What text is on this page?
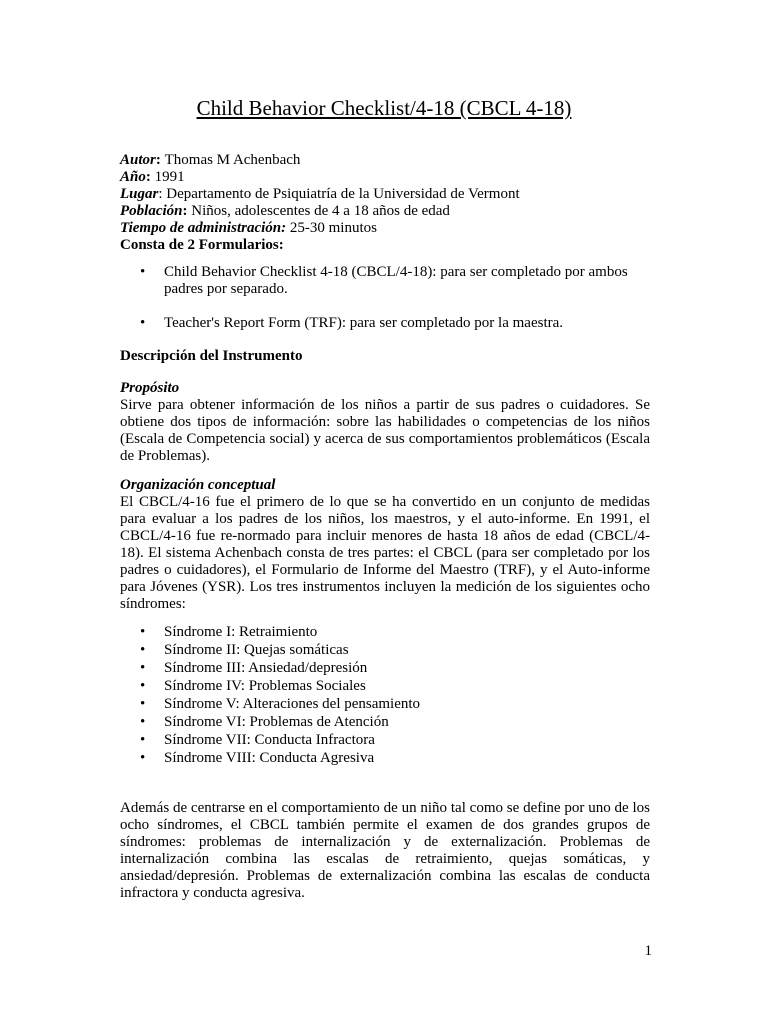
Child Behavior Checklist/4-18 (CBCL 4-18)
Autor: Thomas M Achenbach
Año: 1991
Lugar: Departamento de Psiquiatría de la Universidad de Vermont
Población: Niños, adolescentes de 4 a 18 años de edad
Tiempo de administración: 25-30 minutos
Consta de 2 Formularios:
• Child Behavior Checklist 4-18 (CBCL/4-18): para ser completado por ambos padres por separado.
• Teacher's Report Form (TRF): para ser completado por la maestra.
Descripción del Instrumento
Propósito
Sirve para obtener información de los niños a partir de sus padres o cuidadores. Se obtiene dos tipos de información: sobre las habilidades o competencias de los niños (Escala de Competencia social) y acerca de sus comportamientos problemáticos (Escala de Problemas).
Organización conceptual
El CBCL/4-16 fue el primero de lo que se ha convertido en un conjunto de medidas para evaluar a los padres de los niños, los maestros, y el auto-informe. En 1991, el CBCL/4-16 fue re-normado para incluir menores de hasta 18 años de edad (CBCL/4-18). El sistema Achenbach consta de tres partes: el CBCL (para ser completado por los padres o cuidadores), el Formulario de Informe del Maestro (TRF), y el Auto-informe para Jóvenes (YSR). Los tres instrumentos incluyen la medición de los siguientes ocho síndromes:
• Síndrome I: Retraimiento
• Síndrome II: Quejas somáticas
• Síndrome III: Ansiedad/depresión
• Síndrome IV: Problemas Sociales
• Síndrome V: Alteraciones del pensamiento
• Síndrome VI: Problemas de Atención
• Síndrome VII: Conducta Infractora
• Síndrome VIII: Conducta Agresiva
Además de centrarse en el comportamiento de un niño tal como se define por uno de los ocho síndromes, el CBCL también permite el examen de dos grandes grupos de síndromes: problemas de internalización y de externalización. Problemas de internalización combina las escalas de retraimiento, quejas somáticas, y ansiedad/depresión. Problemas de externalización combina las escalas de conducta infractora y conducta agresiva.
1
